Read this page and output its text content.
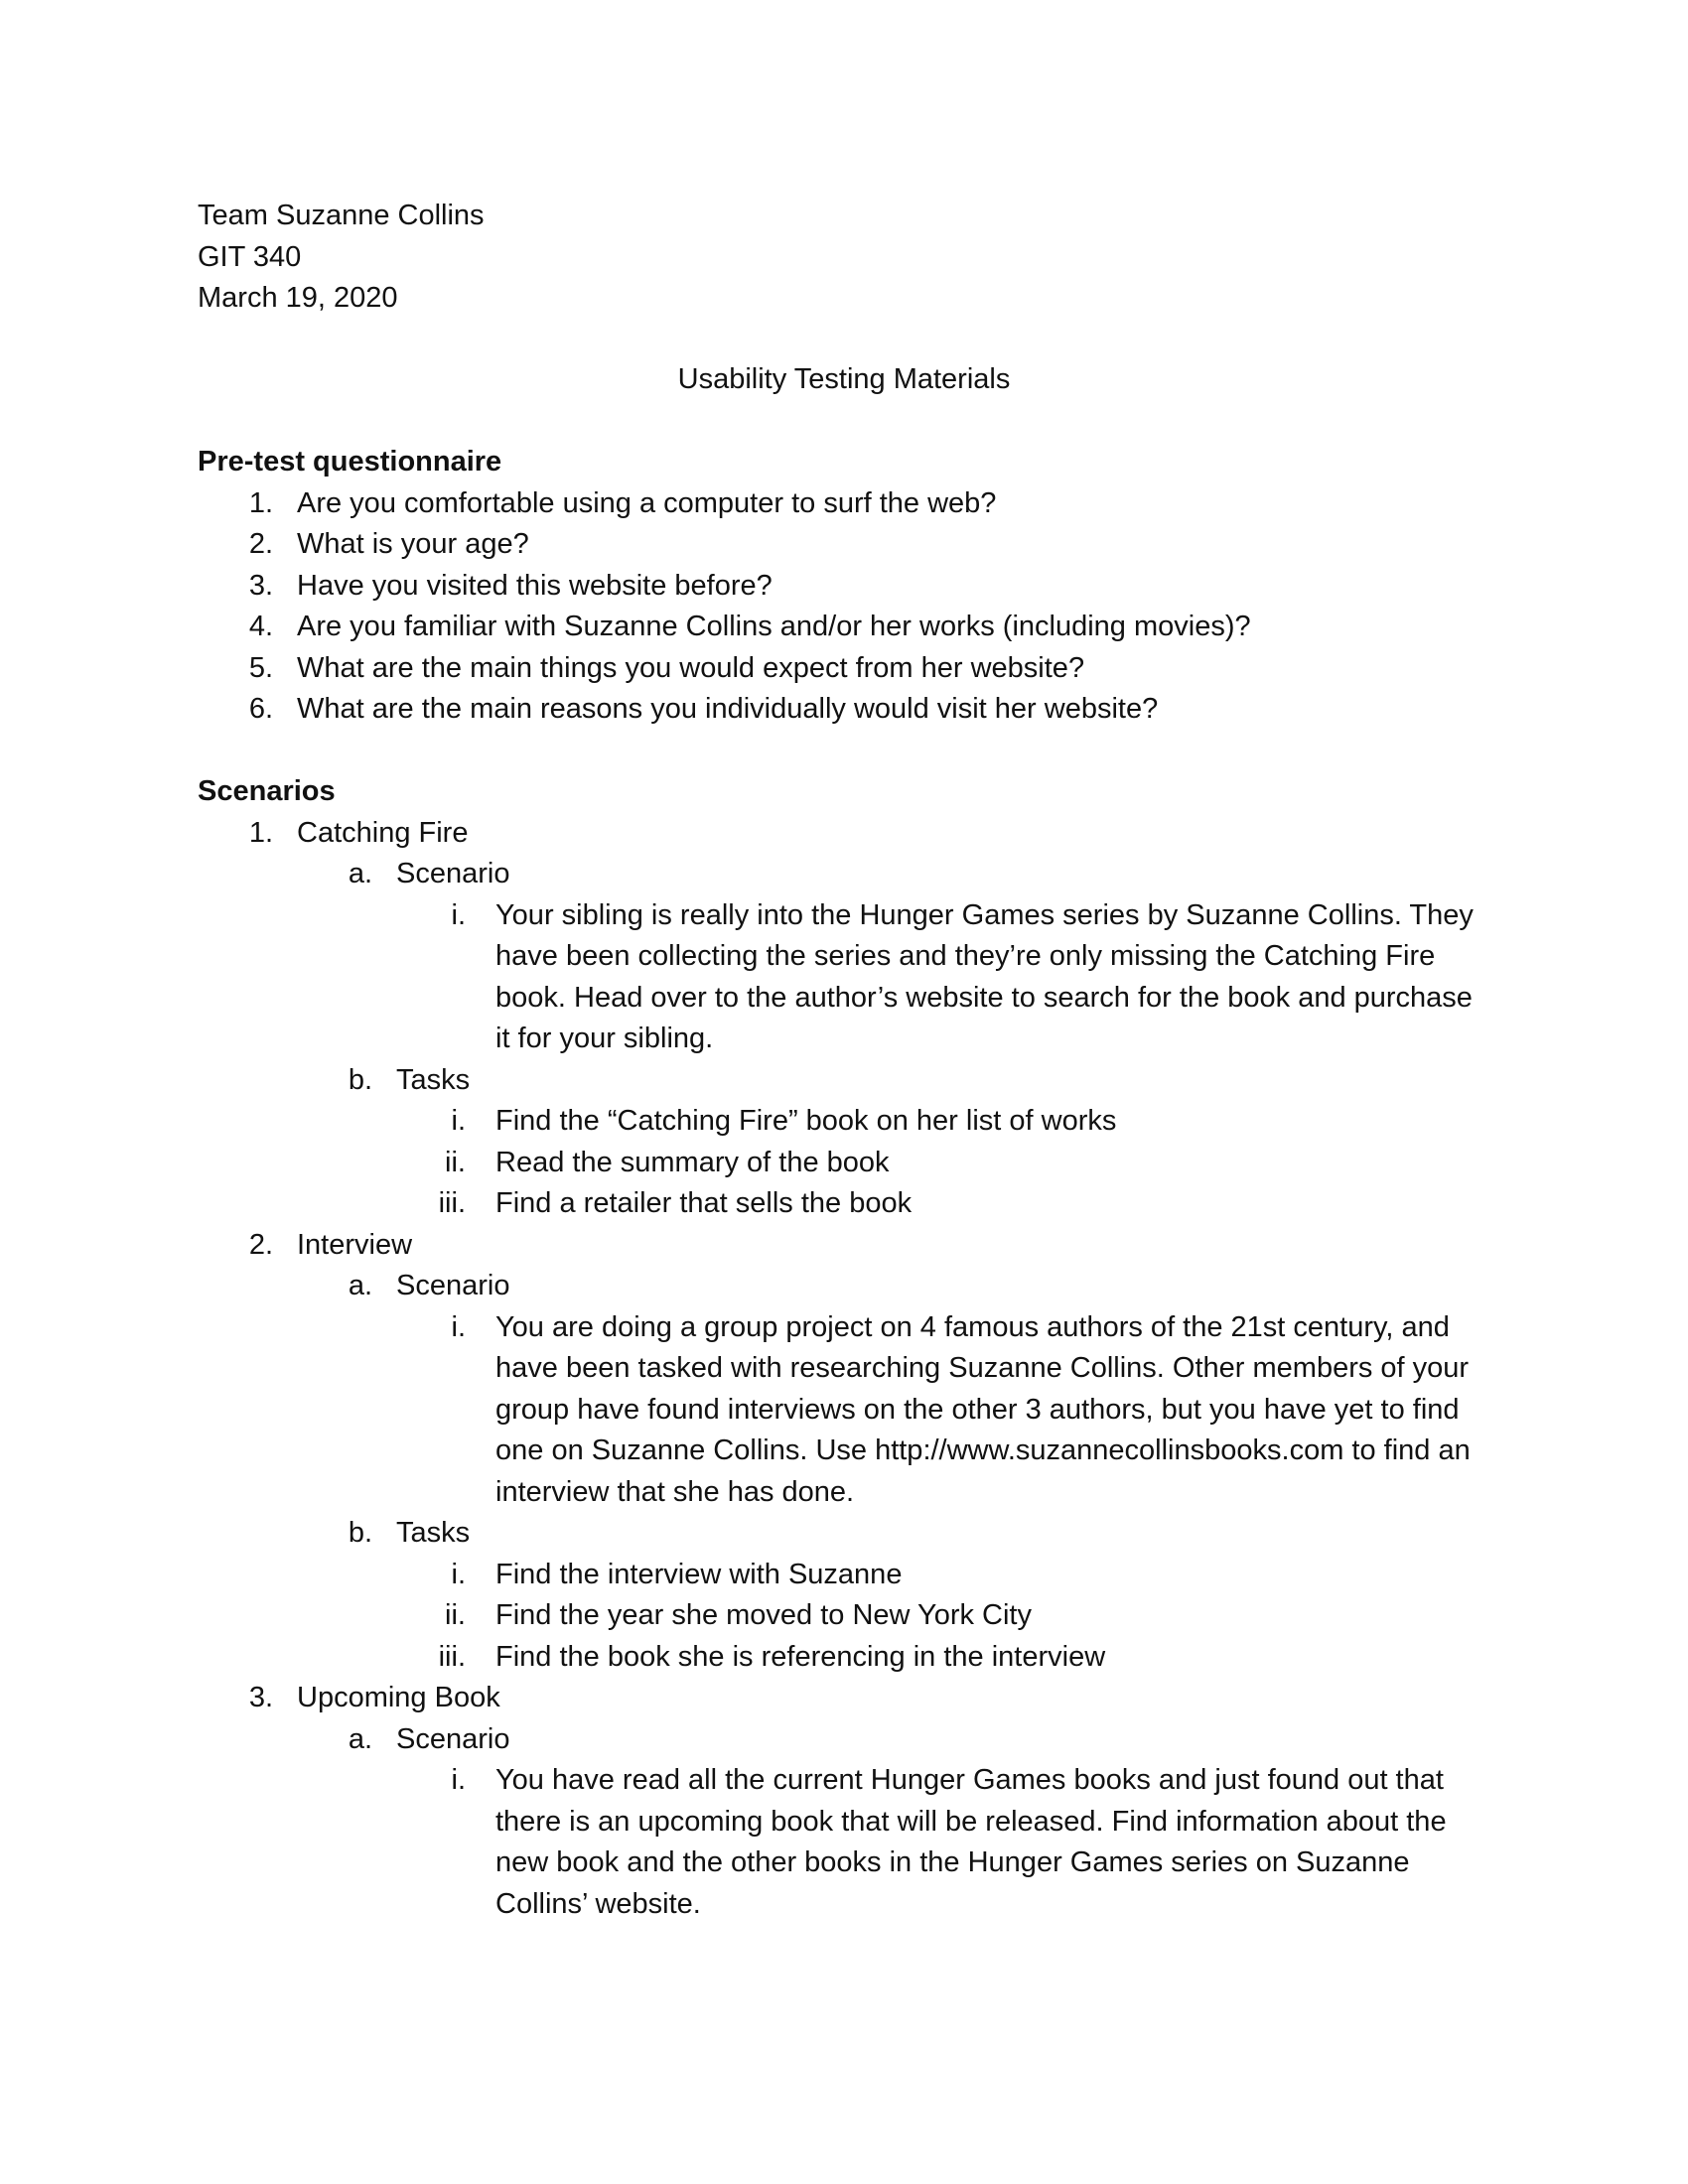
Team Suzanne Collins
GIT 340
March 19, 2020
Usability Testing Materials
Pre-test questionnaire
1. Are you comfortable using a computer to surf the web?
2. What is your age?
3. Have you visited this website before?
4. Are you familiar with Suzanne Collins and/or her works (including movies)?
5. What are the main things you would expect from her website?
6. What are the main reasons you individually would visit her website?
Scenarios
1. Catching Fire
a. Scenario
i. Your sibling is really into the Hunger Games series by Suzanne Collins. They have been collecting the series and they’re only missing the Catching Fire book. Head over to the author’s website to search for the book and purchase it for your sibling.
b. Tasks
i. Find the “Catching Fire” book on her list of works
ii. Read the summary of the book
iii. Find a retailer that sells the book
2. Interview
a. Scenario
i. You are doing a group project on 4 famous authors of the 21st century, and have been tasked with researching Suzanne Collins. Other members of your group have found interviews on the other 3 authors, but you have yet to find one on Suzanne Collins. Use http://www.suzannecollinsbooks.com to find an interview that she has done.
b. Tasks
i. Find the interview with Suzanne
ii. Find the year she moved to New York City
iii. Find the book she is referencing in the interview
3. Upcoming Book
a. Scenario
i. You have read all the current Hunger Games books and just found out that there is an upcoming book that will be released. Find information about the new book and the other books in the Hunger Games series on Suzanne Collins’ website.
